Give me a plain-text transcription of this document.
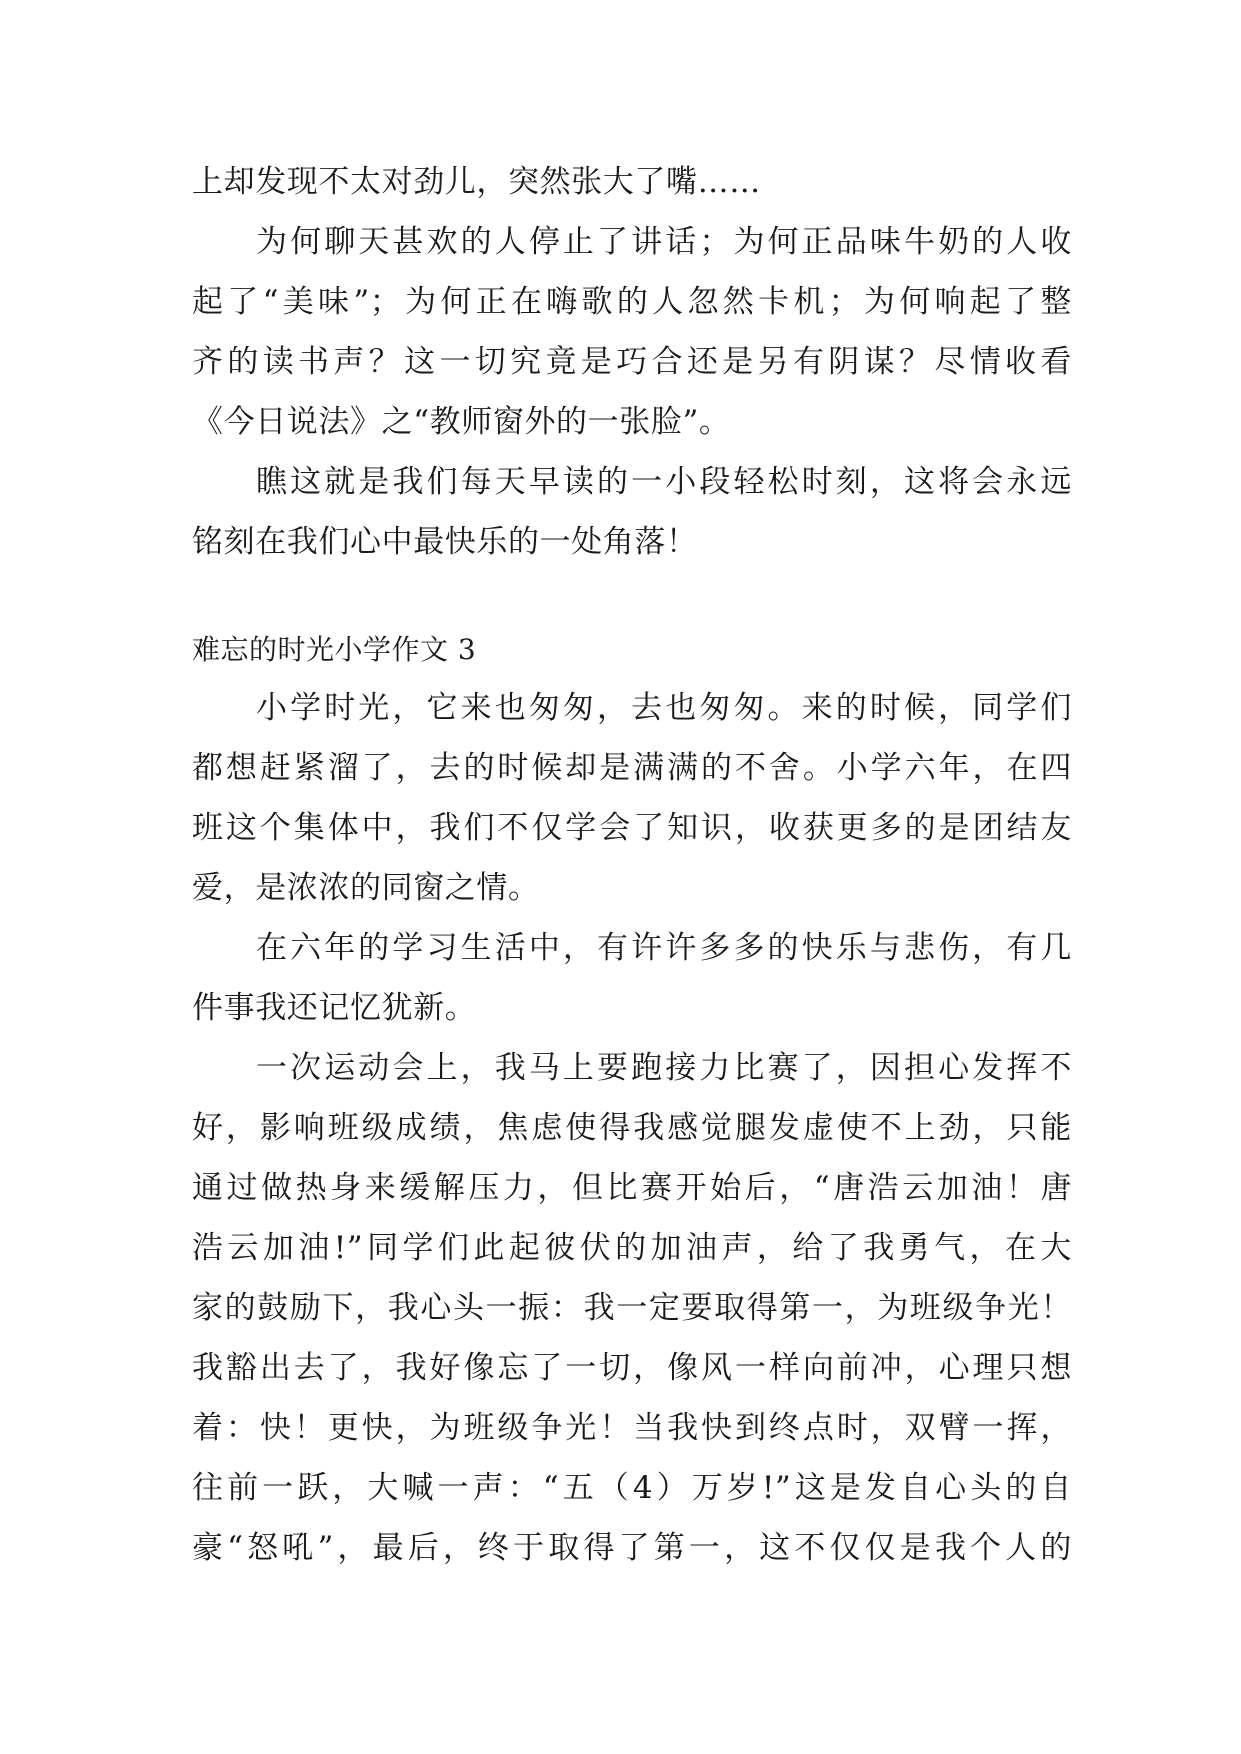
上却发现不太对劲儿，突然张大了嘴……
为何聊天甚欢的人停止了讲话；为何正品味牛奶的人收
起了“美味”；为何正在嗨歌的人忽然卡机；为何响起了整
齐的读书声？这一切究竟是巧合还是另有阴谋？尽情收看
《今日说法》之“教师窗外的一张脸”。
瞧这就是我们每天早读的一小段轻松时刻，这将会永远
铭刻在我们心中最快乐的一处角落！
难忘的时光小学作文 3
小学时光，它来也匆匆，去也匆匆。来的时候，同学们
都想赶紧溜了，去的时候却是满满的不舍。小学六年，在四
班这个集体中，我们不仅学会了知识，收获更多的是团结友
爱，是浓浓的同窗之情。
在六年的学习生活中，有许许多多的快乐与悲伤，有几
件事我还记忆犹新。
一次运动会上，我马上要跑接力比赛了，因担心发挥不
好，影响班级成绩，焦虑使得我感觉腿发虚使不上劲，只能
通过做热身来缓解压力，但比赛开始后，“唐浩云加油！唐
浩云加油!”同学们此起彼伏的加油声，给了我勇气，在大
家的鼓励下，我心头一振：我一定要取得第一，为班级争光！
我豁出去了，我好像忘了一切，像风一样向前冲，心理只想
着：快！更快，为班级争光！当我快到终点时，双臂一挥，
往前一跃，大喊一声：“五（4）万岁!”这是发自心头的自
豪“怒吼”，最后，终于取得了第一，这不仅仅是我个人的
